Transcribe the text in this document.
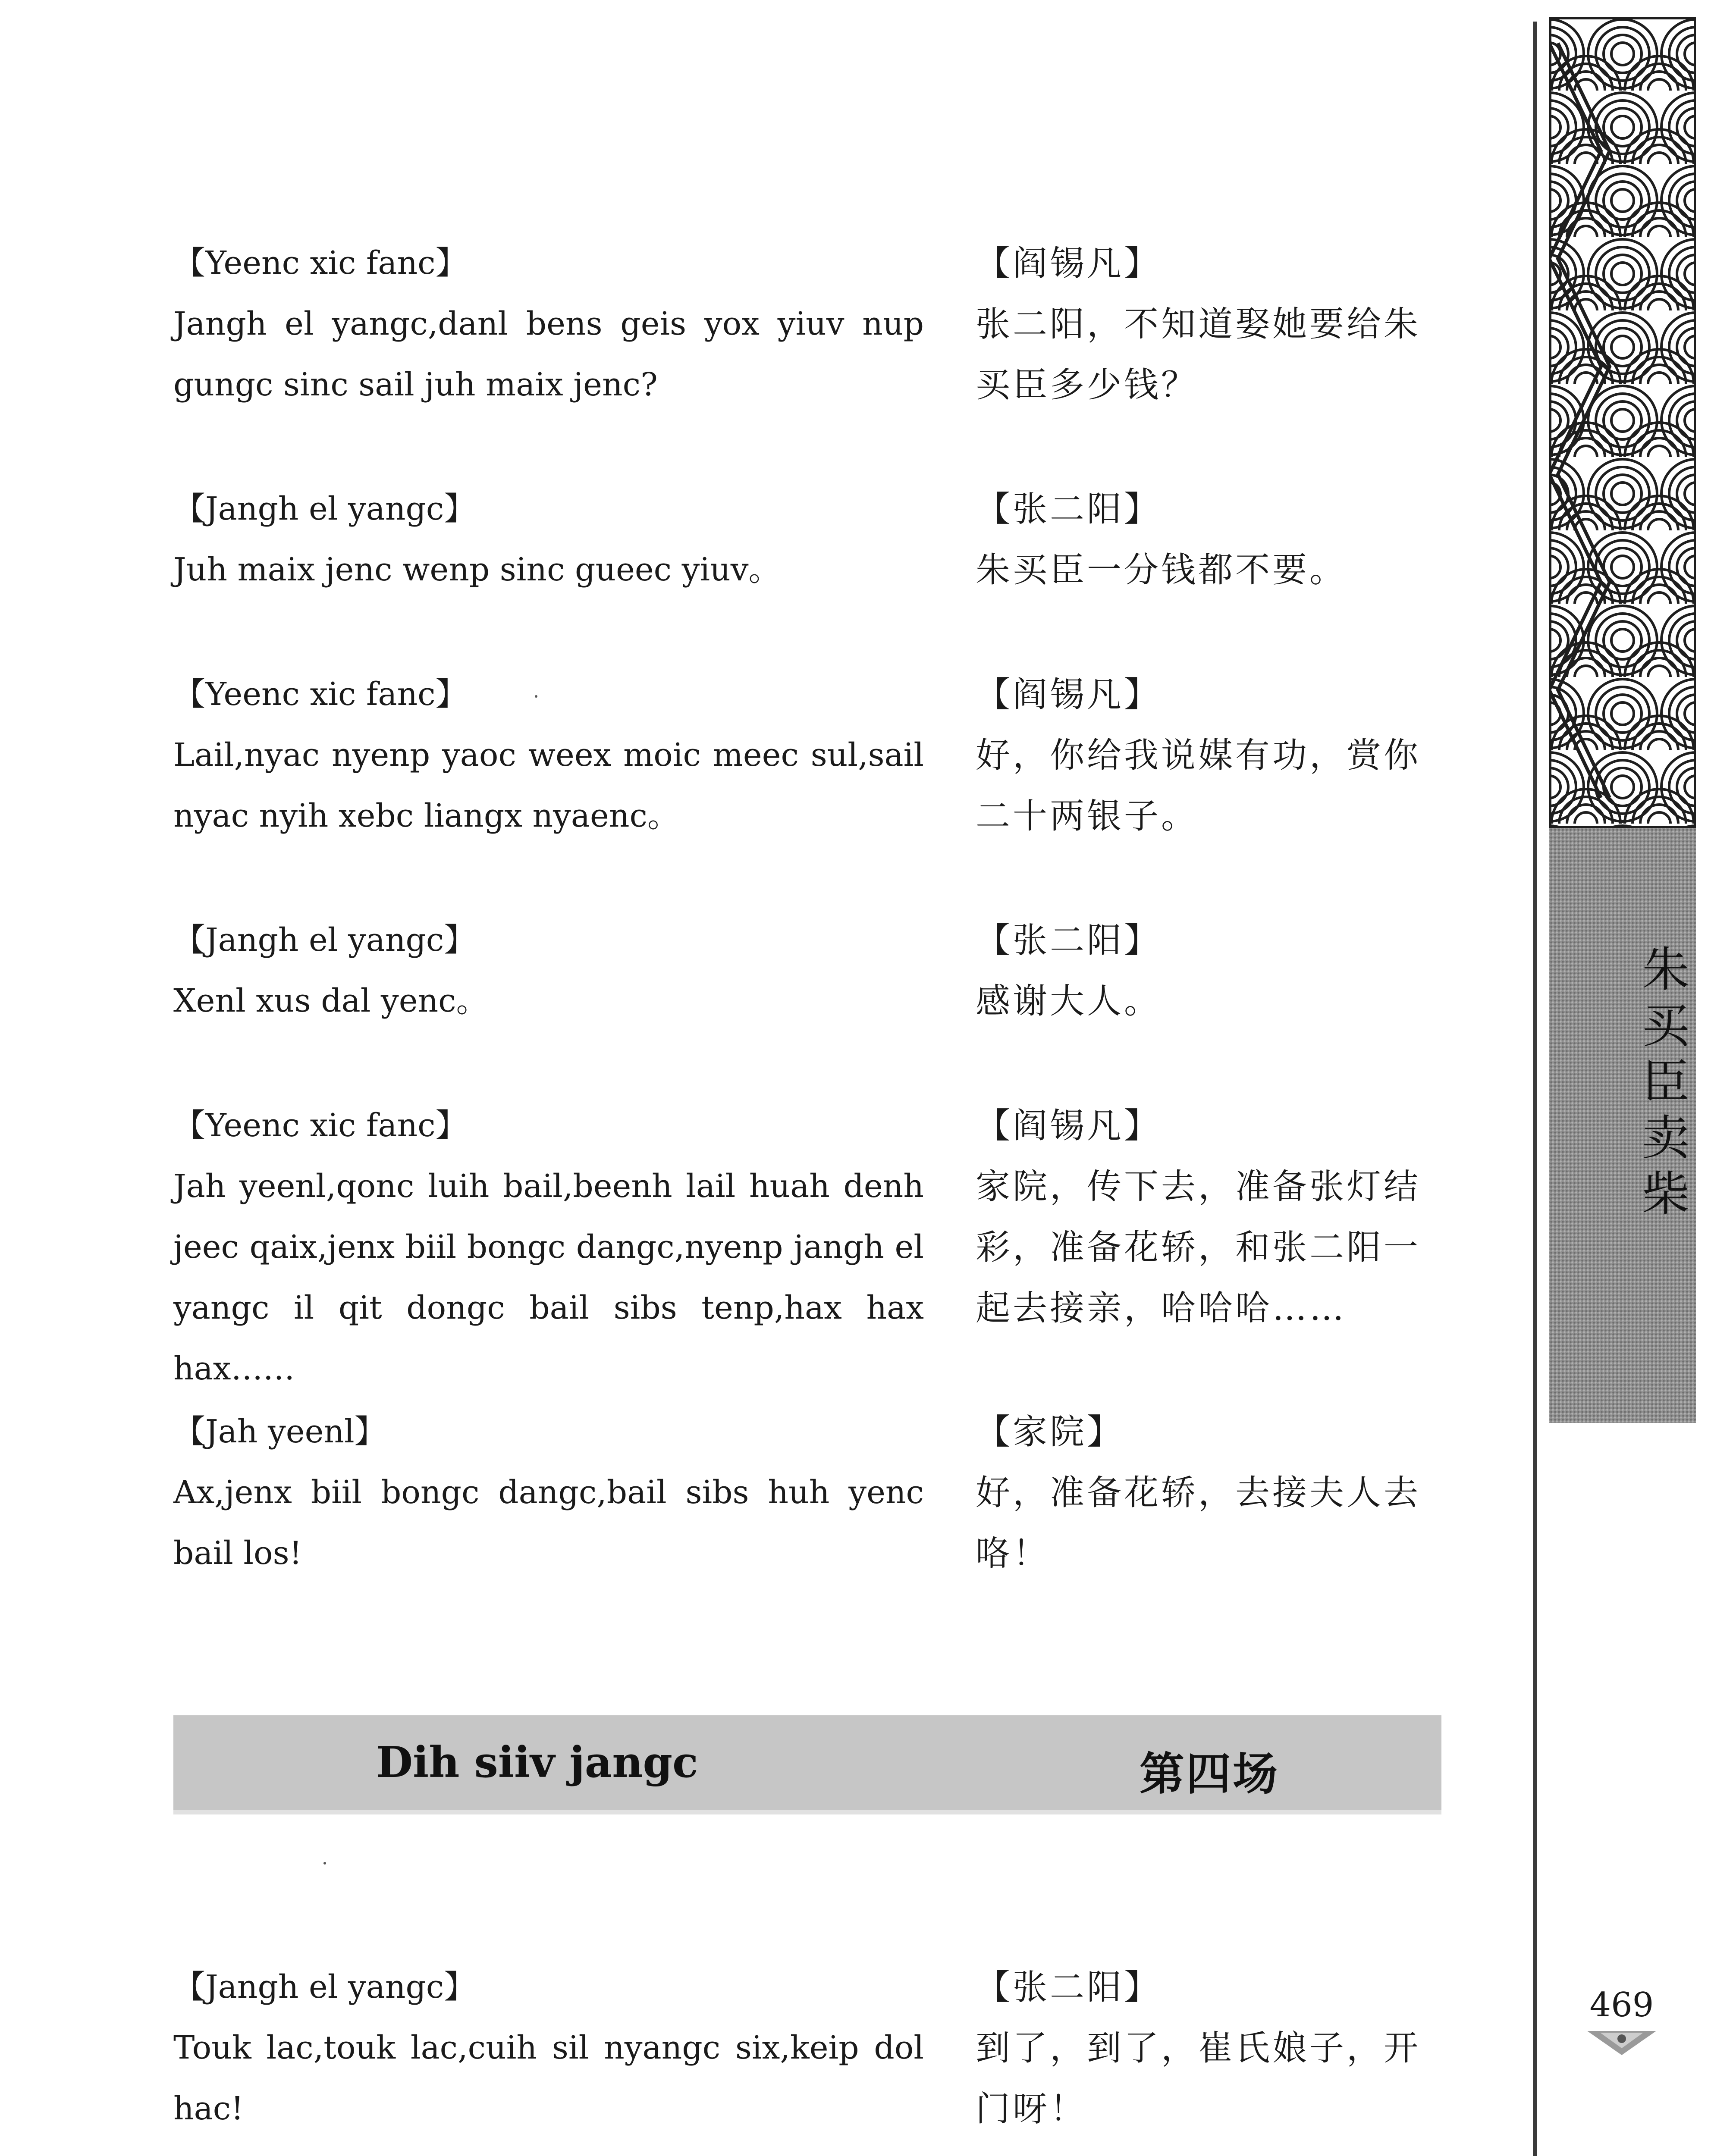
【Yeenc xic fanc】

Jangh el yangc,danl bens geis yox yiuv nup gungc sinc sail juh maix jenc?

【阎锡凡】

张二阳，不知道娶她要给朱买臣多少钱？

【Jangh el yangc】

Juh maix jenc wenp sinc gueec yiuv。

【张二阳】

朱买臣一分钱都不要。

【Yeenc xic fanc】

Lail,nyac nyenp yaoc weex moic meec sul,sail nyac nyih xebc liangx nyaenc。

【阎锡凡】

好，你给我说媒有功，赏你二十两银子。

【Jangh el yangc】

Xenl xus dal yenc。

【张二阳】

感谢大人。

【Yeenc xic fanc】

Jah yeenl,qonc luih bail,beenh lail huah denh jeec qaix,jenx biil bongc dangc,nyenp jangh el yangc il qit dongc bail sibs tenp,hax hax hax……

【阎锡凡】

家院，传下去，准备张灯结彩，准备花轿，和张二阳一起去接亲，哈哈哈……

【Jah yeenl】

Ax,jenx biil bongc dangc,bail sibs huh yenc bail los!

【家院】

好，准备花轿，去接夫人去咯！

Dih siiv jangc	第四场
【Jangh el yangc】

Touk lac,touk lac,cuih sil nyangc six,keip dol hac!

【张二阳】

到了，到了，崔氏娘子，开门呀！

朱买臣卖柴
469
